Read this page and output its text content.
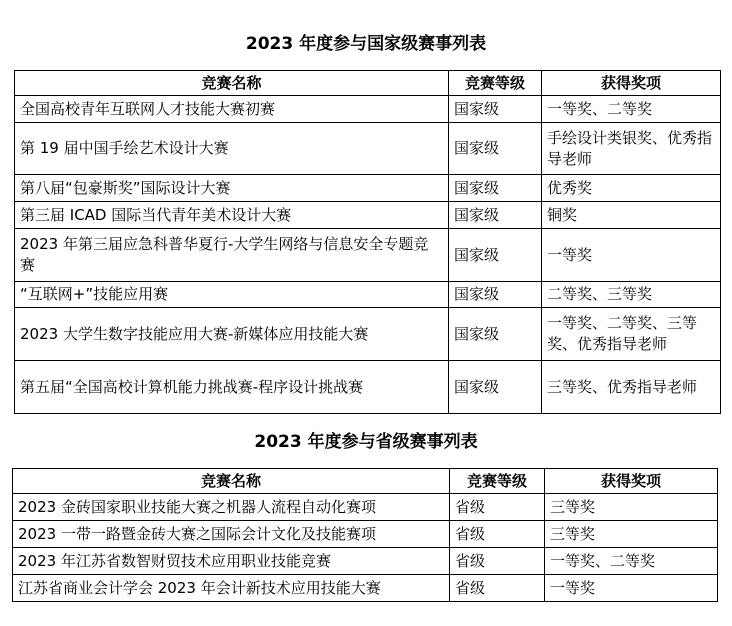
2023 年度参与国家级赛事列表
竞赛名称	竞赛等级	获得奖项
全国高校青年互联网人才技能大赛初赛	国家级	一等奖、二等奖
第 19 届中国手绘艺术设计大赛	国家级	手绘设计类银奖、优秀指导老师
第八届“包豪斯奖”国际设计大赛	国家级	优秀奖
第三届 ICAD 国际当代青年美术设计大赛	国家级	铜奖
2023 年第三届应急科普华夏行-大学生网络与信息安全专题竞赛	国家级	一等奖
“互联网+”技能应用赛	国家级	二等奖、三等奖
2023 大学生数字技能应用大赛-新媒体应用技能大赛	国家级	一等奖、二等奖、三等奖、优秀指导老师
第五届“全国高校计算机能力挑战赛-程序设计挑战赛	国家级	三等奖、优秀指导老师
2023 年度参与省级赛事列表
竞赛名称	竞赛等级	获得奖项
2023 金砖国家职业技能大赛之机器人流程自动化赛项	省级	三等奖
2023 一带一路暨金砖大赛之国际会计文化及技能赛项	省级	三等奖
2023 年江苏省数智财贸技术应用职业技能竞赛	省级	一等奖、二等奖
江苏省商业会计学会 2023 年会计新技术应用技能大赛	省级	一等奖
